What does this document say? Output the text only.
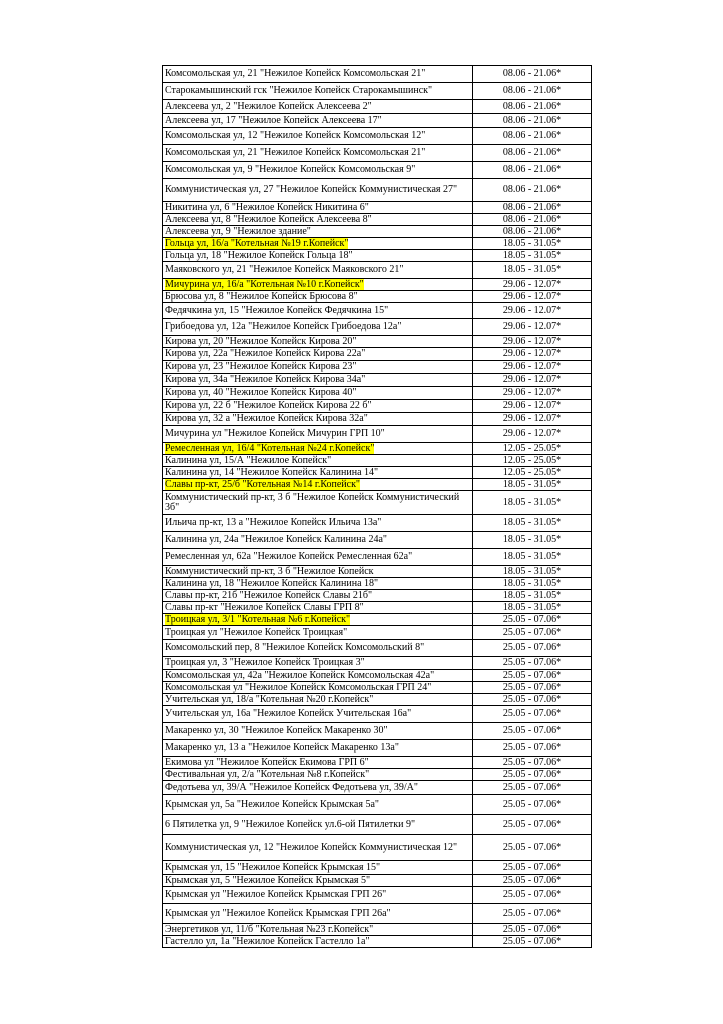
Комсомольская ул, 21 "Нежилое Копейск Комсомольская 21"	08.06 - 21.06*
Старокамышинский гск "Нежилое Копейск Старокамышинск"	08.06 - 21.06*
Алексеева ул, 2 "Нежилое Копейск Алексеева 2"	08.06 - 21.06*
Алексеева ул, 17 "Нежилое Копейск Алексеева 17"	08.06 - 21.06*
Комсомольская ул, 12 "Нежилое Копейск Комсомольская 12"	08.06 - 21.06*
Комсомольская ул, 21 "Нежилое Копейск Комсомольская 21"	08.06 - 21.06*
Комсомольская ул, 9 "Нежилое Копейск Комсомольская 9"	08.06 - 21.06*
Коммунистическая ул, 27 "Нежилое Копейск Коммунистическая 27"	08.06 - 21.06*
Никитина ул, 6 "Нежилое Копейск Никитина 6"	08.06 - 21.06*
Алексеева ул, 8 "Нежилое Копейск Алексеева 8"	08.06 - 21.06*
Алексеева ул, 9 "Нежилое здание"	08.06 - 21.06*
Гольца ул, 16/а "Котельная №19 г.Копейск"	18.05 - 31.05*
Гольца ул, 18 "Нежилое Копейск Гольца 18"	18.05 - 31.05*
Маяковского ул, 21 "Нежилое Копейск Маяковского 21"	18.05 - 31.05*
Мичурина ул, 16/а "Котельная №10 г.Копейск"	29.06 - 12.07*
Брюсова ул, 8 "Нежилое Копейск Брюсова 8"	29.06 - 12.07*
Федячкина ул, 15 "Нежилое Копейск Федячкина 15"	29.06 - 12.07*
Грибоедова ул, 12а "Нежилое Копейск Грибоедова 12а"	29.06 - 12.07*
Кирова ул, 20 "Нежилое Копейск Кирова 20"	29.06 - 12.07*
Кирова ул, 22а "Нежилое Копейск Кирова 22а"	29.06 - 12.07*
Кирова ул, 23 "Нежилое Копейск Кирова 23"	29.06 - 12.07*
Кирова ул, 34а "Нежилое Копейск Кирова 34а"	29.06 - 12.07*
Кирова ул, 40 "Нежилое Копейск Кирова 40"	29.06 - 12.07*
Кирова ул, 22 б "Нежилое Копейск Кирова 22 б"	29.06 - 12.07*
Кирова ул, 32 а "Нежилое Копейск Кирова 32а"	29.06 - 12.07*
Мичурина ул "Нежилое Копейск Мичурин ГРП 10"	29.06 - 12.07*
Ремесленная ул, 16/4 "Котельная №24 г.Копейск"	12.05 - 25.05*
Калинина ул, 15/А "Нежилое Копейск"	12.05 - 25.05*
Калинина ул, 14 "Нежилое Копейск Калинина 14"	12.05 - 25.05*
Славы пр-кт, 25/б "Котельная №14 г.Копейск"	18.05 - 31.05*
Коммунистический пр-кт, 3 б "Нежилое Копейск Коммунистический 3б"	18.05 - 31.05*
Ильича пр-кт, 13 а "Нежилое Копейск Ильича 13а"	18.05 - 31.05*
Калинина ул, 24а "Нежилое Копейск Калинина 24а"	18.05 - 31.05*
Ремесленная ул, 62а "Нежилое Копейск Ремесленная 62а"	18.05 - 31.05*
Коммунистический пр-кт, 3 б "Нежилое Копейск	18.05 - 31.05*
Калинина ул, 18 "Нежилое Копейск Калинина 18"	18.05 - 31.05*
Славы пр-кт, 21б "Нежилое Копейск Славы 21б"	18.05 - 31.05*
Славы пр-кт "Нежилое Копейск Славы ГРП 8"	18.05 - 31.05*
Троицкая ул, 3/1 "Котельная №6 г.Копейск"	25.05 - 07.06*
Троицкая ул "Нежилое Копейск Троицкая"	25.05 - 07.06*
Комсомольский пер, 8 "Нежилое Копейск Комсомольский 8"	25.05 - 07.06*
Троицкая ул, 3 "Нежилое Копейск Троицкая 3"	25.05 - 07.06*
Комсомольская ул, 42а "Нежилое Копейск Комсомольская 42а"	25.05 - 07.06*
Комсомольская ул "Нежилое Копейск Комсомольская ГРП 24"	25.05 - 07.06*
Учительская ул, 18/а "Котельная №20 г.Копейск"	25.05 - 07.06*
Учительская ул, 16а "Нежилое Копейск Учительская 16а"	25.05 - 07.06*
Макаренко ул, 30 "Нежилое Копейск Макаренко 30"	25.05 - 07.06*
Макаренко ул, 13 а "Нежилое Копейск Макаренко 13а"	25.05 - 07.06*
Екимова ул "Нежилое Копейск Екимова ГРП 6"	25.05 - 07.06*
Фестивальная ул, 2/а "Котельная №8 г.Копейск"	25.05 - 07.06*
Федотьева ул, 39/А "Нежилое Копейск Федотьева ул, 39/А"	25.05 - 07.06*
Крымская ул, 5а "Нежилое Копейск Крымская 5а"	25.05 - 07.06*
6 Пятилетка ул, 9 "Нежилое Копейск ул.6-ой Пятилетки 9"	25.05 - 07.06*
Коммунистическая ул, 12 "Нежилое Копейск Коммунистическая 12"	25.05 - 07.06*
Крымская ул, 15 "Нежилое Копейск Крымская 15"	25.05 - 07.06*
Крымская ул, 5 "Нежилое Копейск Крымская 5"	25.05 - 07.06*
Крымская ул "Нежилое Копейск Крымская ГРП 26"	25.05 - 07.06*
Крымская ул "Нежилое Копейск Крымская ГРП 26а"	25.05 - 07.06*
Энергетиков ул, 11/б "Котельная №23 г.Копейск"	25.05 - 07.06*
Гастелло ул, 1а "Нежилое Копейск Гастелло 1а"	25.05 - 07.06*
